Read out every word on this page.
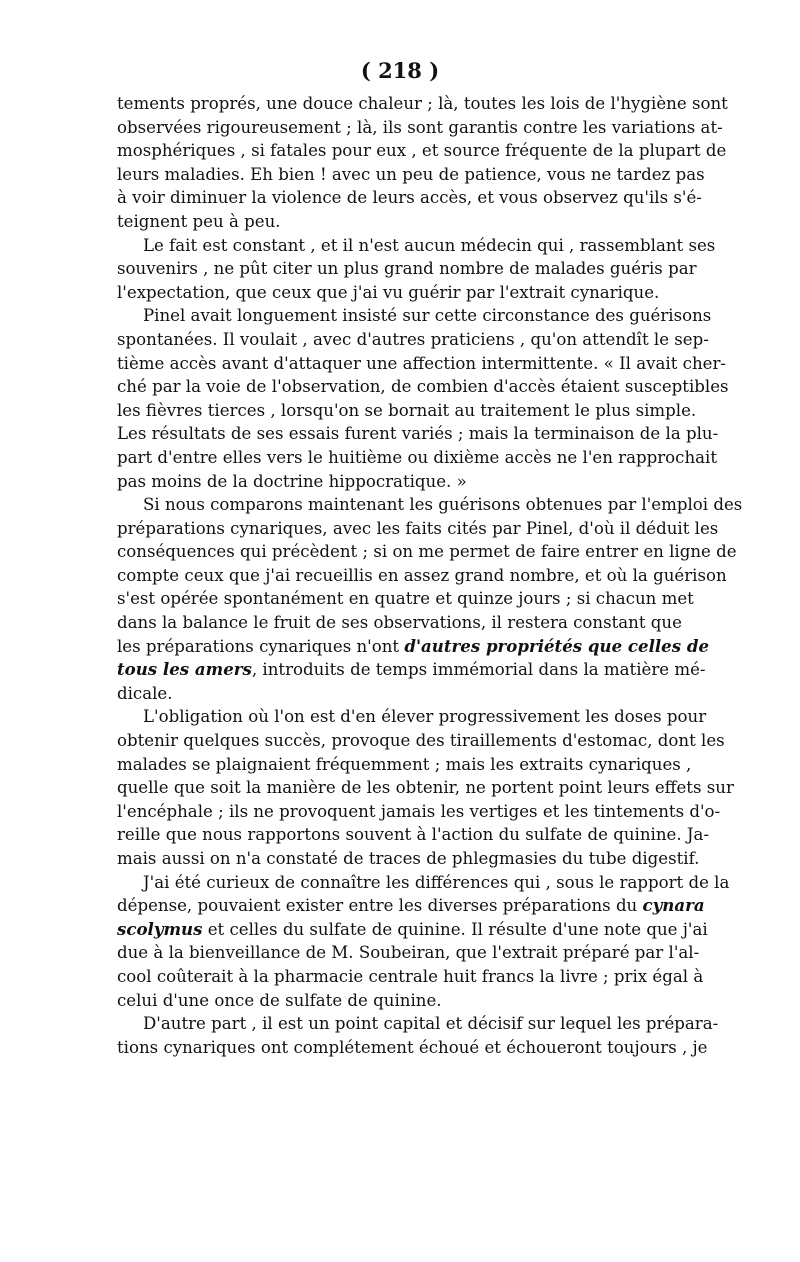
( 218 )
tements proprés, une douce chaleur ; là, toutes les lois de l'hygiène sont
observées rigoureusement ; là, ils sont garantis contre les variations at-
mosphériques , si fatales pour eux , et source fréquente de la plupart de
leurs maladies. Eh bien ! avec un peu de patience, vous ne tardez pas
à voir diminuer la violence de leurs accès, et vous observez qu'ils s'é-
teignent peu à peu.
Le fait est constant , et il n'est aucun médecin qui , rassemblant ses
souvenirs , ne pût citer un plus grand nombre de malades guéris par
l'expectation, que ceux que j'ai vu guérir par l'extrait cynarique.
Pinel avait longuement insisté sur cette circonstance des guérisons
spontanées. Il voulait , avec d'autres praticiens , qu'on attendît le sep-
tième accès avant d'attaquer une affection intermittente. « Il avait cher-
ché par la voie de l'observation, de combien d'accès étaient susceptibles
les fièvres tierces , lorsqu'on se bornait au traitement le plus simple.
Les résultats de ses essais furent variés ; mais la terminaison de la plu-
part d'entre elles vers le huitième ou dixième accès ne l'en rapprochait
pas moins de la doctrine hippocratique. »
Si nous comparons maintenant les guérisons obtenues par l'emploi des
préparations cynariques, avec les faits cités par Pinel, d'où il déduit les
conséquences qui précèdent ; si on me permet de faire entrer en ligne de
compte ceux que j'ai recueillis en assez grand nombre, et où la guérison
s'est opérée spontanément en quatre et quinze jours ; si chacun met
dans la balance le fruit de ses observations, il restera constant que
les préparations cynariques n'ont d'autres propriétés que celles de
tous les amers, introduits de temps immémorial dans la matière mé-
dicale.
L'obligation où l'on est d'en élever progressivement les doses pour
obtenir quelques succès, provoque des tiraillements d'estomac, dont les
malades se plaignaient fréquemment ; mais les extraits cynariques ,
quelle que soit la manière de les obtenir, ne portent point leurs effets sur
l'encéphale ; ils ne provoquent jamais les vertiges et les tintements d'o-
reille que nous rapportons souvent à l'action du sulfate de quinine. Ja-
mais aussi on n'a constaté de traces de phlegmasies du tube digestif.
J'ai été curieux de connaître les différences qui , sous le rapport de la
dépense, pouvaient exister entre les diverses préparations du cynara
scolymus et celles du sulfate de quinine. Il résulte d'une note que j'ai
due à la bienveillance de M. Soubeiran, que l'extrait préparé par l'al-
cool coûterait à la pharmacie centrale huit francs la livre ; prix égal à
celui d'une once de sulfate de quinine.
D'autre part , il est un point capital et décisif sur lequel les prépara-
tions cynariques ont complétement échoué et échoueront toujours , je
